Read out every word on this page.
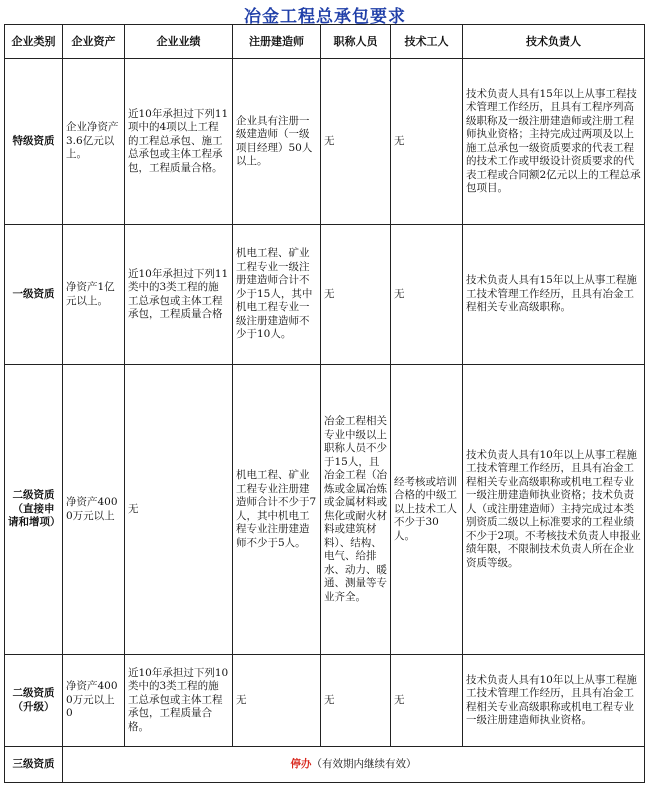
冶金工程总承包要求
企业类别	企业资产	企业业绩	注册建造师	职称人员	技术工人	技术负责人
特级资质	企业净资产3.6亿元以上。	近10年承担过下列11项中的4项以上工程的工程总承包、施工总承包或主体工程承包，工程质量合格。	企业具有注册一级建造师（一级项目经理）50人以上。	无	无	技术负责人具有15年以上从事工程技术管理工作经历，且具有工程序列高级职称及一级注册建造师或注册工程师执业资格；主持完成过两项及以上施工总承包一级资质要求的代表工程的技术工作或甲级设计资质要求的代表工程或合同额2亿元以上的工程总承包项目。
一级资质	净资产1亿元以上。	近10年承担过下列11类中的3类工程的施工总承包或主体工程承包，工程质量合格	机电工程、矿业工程专业一级注册建造师合计不少于15人，其中机电工程专业一级注册建造师不少于10人。	无	无	技术负责人具有15年以上从事工程施工技术管理工作经历，且具有冶金工程相关专业高级职称。
二级资质（直接申请和增项）	净资产4000万元以上	无	机电工程、矿业工程专业注册建造师合计不少于7人，其中机电工程专业注册建造师不少于5人。	冶金工程相关专业中级以上职称人员不少于15人，且冶金工程（冶炼或金属冶炼或金属材料或焦化或耐火材料或建筑材料）、结构、电气、给排水、动力、暖通、测量等专业齐全。	经考核或培训合格的中级工以上技术工人不少于30人。	技术负责人具有10年以上从事工程施工技术管理工作经历，且具有冶金工程相关专业高级职称或机电工程专业一级注册建造师执业资格；技术负责人（或注册建造师）主持完成过本类别资质二级以上标准要求的工程业绩不少于2项。不考核技术负责人申报业绩年限，不限制技术负责人所在企业资质等级。
二级资质（升级）	净资产4000万元以上0	近10年承担过下列10类中的3类工程的施工总承包或主体工程承包，工程质量合格。	无	无	无	技术负责人具有10年以上从事工程施工技术管理工作经历，且具有冶金工程相关专业高级职称或机电工程专业一级注册建造师执业资格。
三级资质	停办（有效期内继续有效）					
